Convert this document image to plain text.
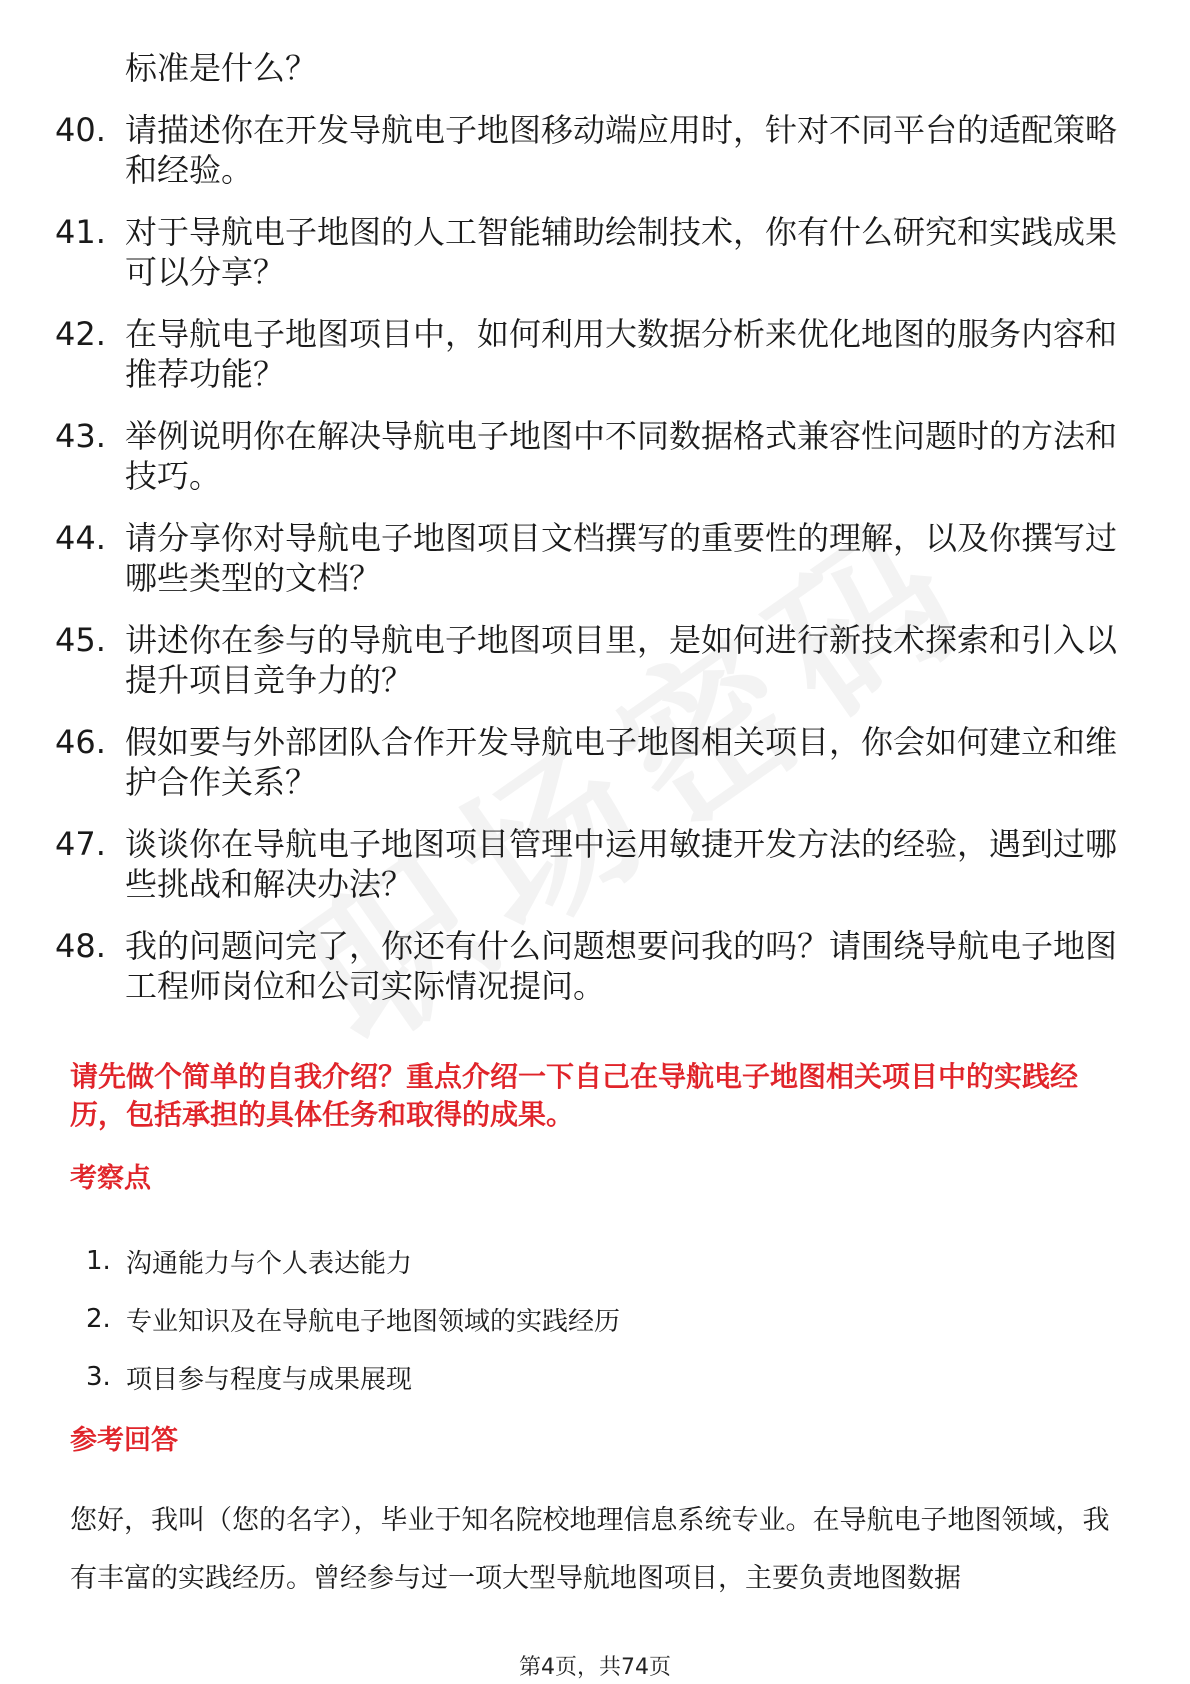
标准是什么？
40. 请描述你在开发导航电子地图移动端应用时，针对不同平台的适配策略和经验。
41. 对于导航电子地图的人工智能辅助绘制技术，你有什么研究和实践成果可以分享？
42. 在导航电子地图项目中，如何利用大数据分析来优化地图的服务内容和推荐功能？
43. 举例说明你在解决导航电子地图中不同数据格式兼容性问题时的方法和技巧。
44. 请分享你对导航电子地图项目文档撰写的重要性的理解，以及你撰写过哪些类型的文档？
45. 讲述你在参与的导航电子地图项目里，是如何进行新技术探索和引入以提升项目竞争力的？
46. 假如要与外部团队合作开发导航电子地图相关项目，你会如何建立和维护合作关系？
47. 谈谈你在导航电子地图项目管理中运用敏捷开发方法的经验，遇到过哪些挑战和解决办法？
48. 我的问题问完了，你还有什么问题想要问我的吗？请围绕导航电子地图工程师岗位和公司实际情况提问。
请先做个简单的自我介绍？重点介绍一下自己在导航电子地图相关项目中的实践经历，包括承担的具体任务和取得的成果。
考察点
1. 沟通能力与个人表达能力
2. 专业知识及在导航电子地图领域的实践经历
3. 项目参与程度与成果展现
参考回答
您好，我叫（您的名字），毕业于知名院校地理信息系统专业。在导航电子地图领域，我有丰富的实践经历。曾经参与过一项大型导航地图项目，主要负责地图数据
第4页，共74页
